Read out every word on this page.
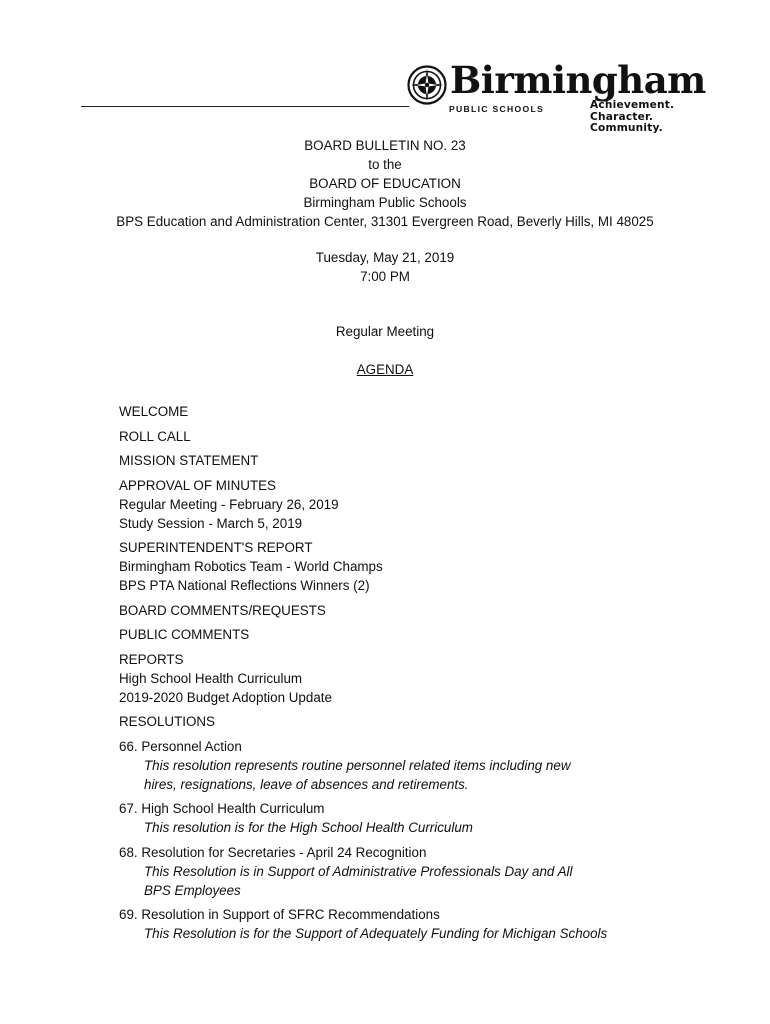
Birmingham
PUBLIC SCHOOLS	Achievement.
Character.
Community.
BOARD BULLETIN NO. 23
to the
BOARD OF EDUCATION
Birmingham Public Schools
BPS Education and Administration Center, 31301 Evergreen Road, Beverly Hills, MI 48025
Tuesday, May 21, 2019
7:00 PM
Regular Meeting
AGENDA
WELCOME
ROLL CALL
MISSION STATEMENT
APPROVAL OF MINUTES
Regular Meeting - February 26, 2019
Study Session - March 5, 2019
SUPERINTENDENT'S REPORT
Birmingham Robotics Team - World Champs
BPS PTA National Reflections Winners (2)
BOARD COMMENTS/REQUESTS
PUBLIC COMMENTS
REPORTS
High School Health Curriculum
2019-2020 Budget Adoption Update
RESOLUTIONS
66. Personnel Action
This resolution represents routine personnel related items including new
hires, resignations, leave of absences and retirements.
67. High School Health Curriculum
This resolution is for the High School Health Curriculum
68. Resolution for Secretaries - April 24 Recognition
This Resolution is in Support of Administrative Professionals Day and All
BPS Employees
69. Resolution in Support of SFRC Recommendations
This Resolution is for the Support of Adequately Funding for Michigan Schools
